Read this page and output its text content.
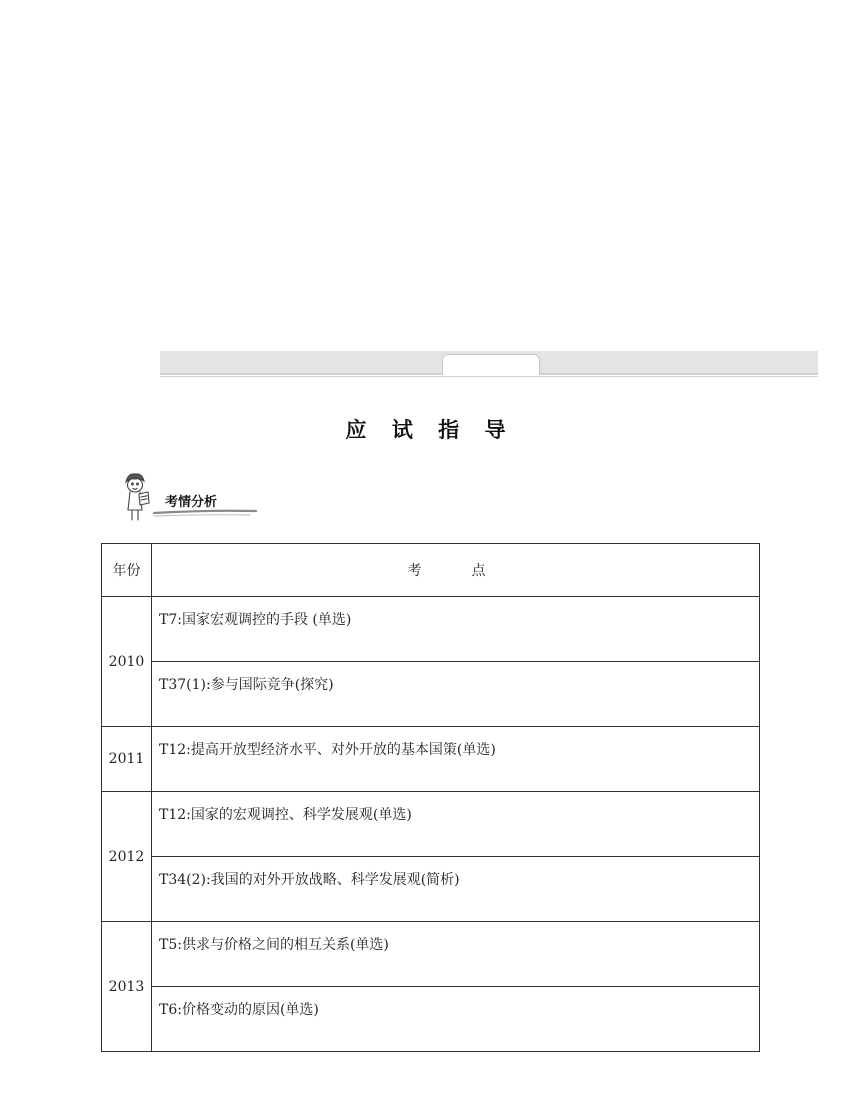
应 试 指 导
考情分析
年份	考　点
2010	T7:国家宏观调控的手段 (单选)
	T37(1):参与国际竞争(探究)
2011	T12:提高开放型经济水平、对外开放的基本国策(单选)
2012	T12:国家的宏观调控、科学发展观(单选)
	T34(2):我国的对外开放战略、科学发展观(简析)
2013	T5:供求与价格之间的相互关系(单选)
	T6:价格变动的原因(单选)
